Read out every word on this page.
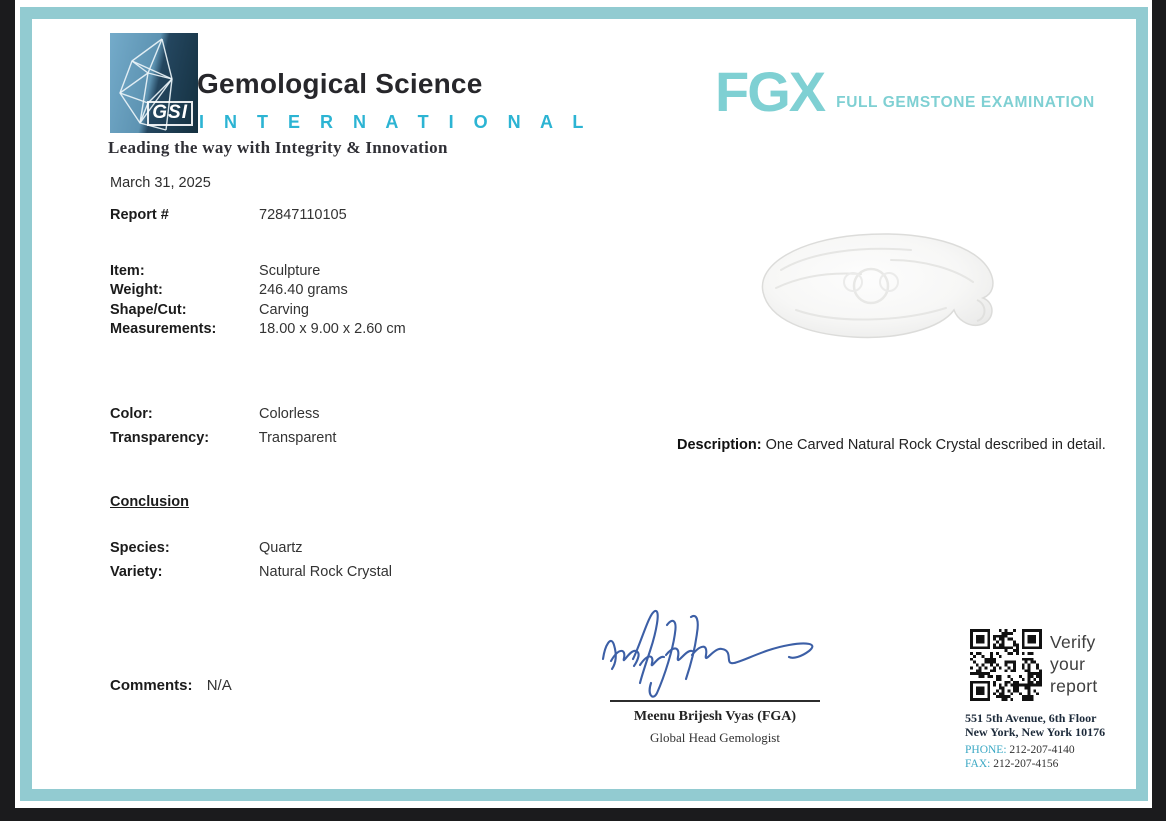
GSI
Gemological Science
I N T E R N A T I O N A L
Leading the way with Integrity & Innovation
FGX FULL GEMSTONE EXAMINATION
March 31, 2025
Report #	72847110105
Item:	Sculpture
Weight:	246.40 grams
Shape/Cut:	Carving
Measurements:	18.00 x 9.00 x 2.60 cm
Color:	Colorless
Transparency:	Transparent
Conclusion
Species:	Quartz
Variety:	Natural Rock Crystal
Comments: N/A
Description: One Carved Natural Rock Crystal described in detail.
Meenu Brijesh Vyas (FGA)
Global Head Gemologist
Verify
your
report
551 5th Avenue, 6th Floor
New York, New York 10176
PHONE: 212-207-4140
FAX: 212-207-4156
